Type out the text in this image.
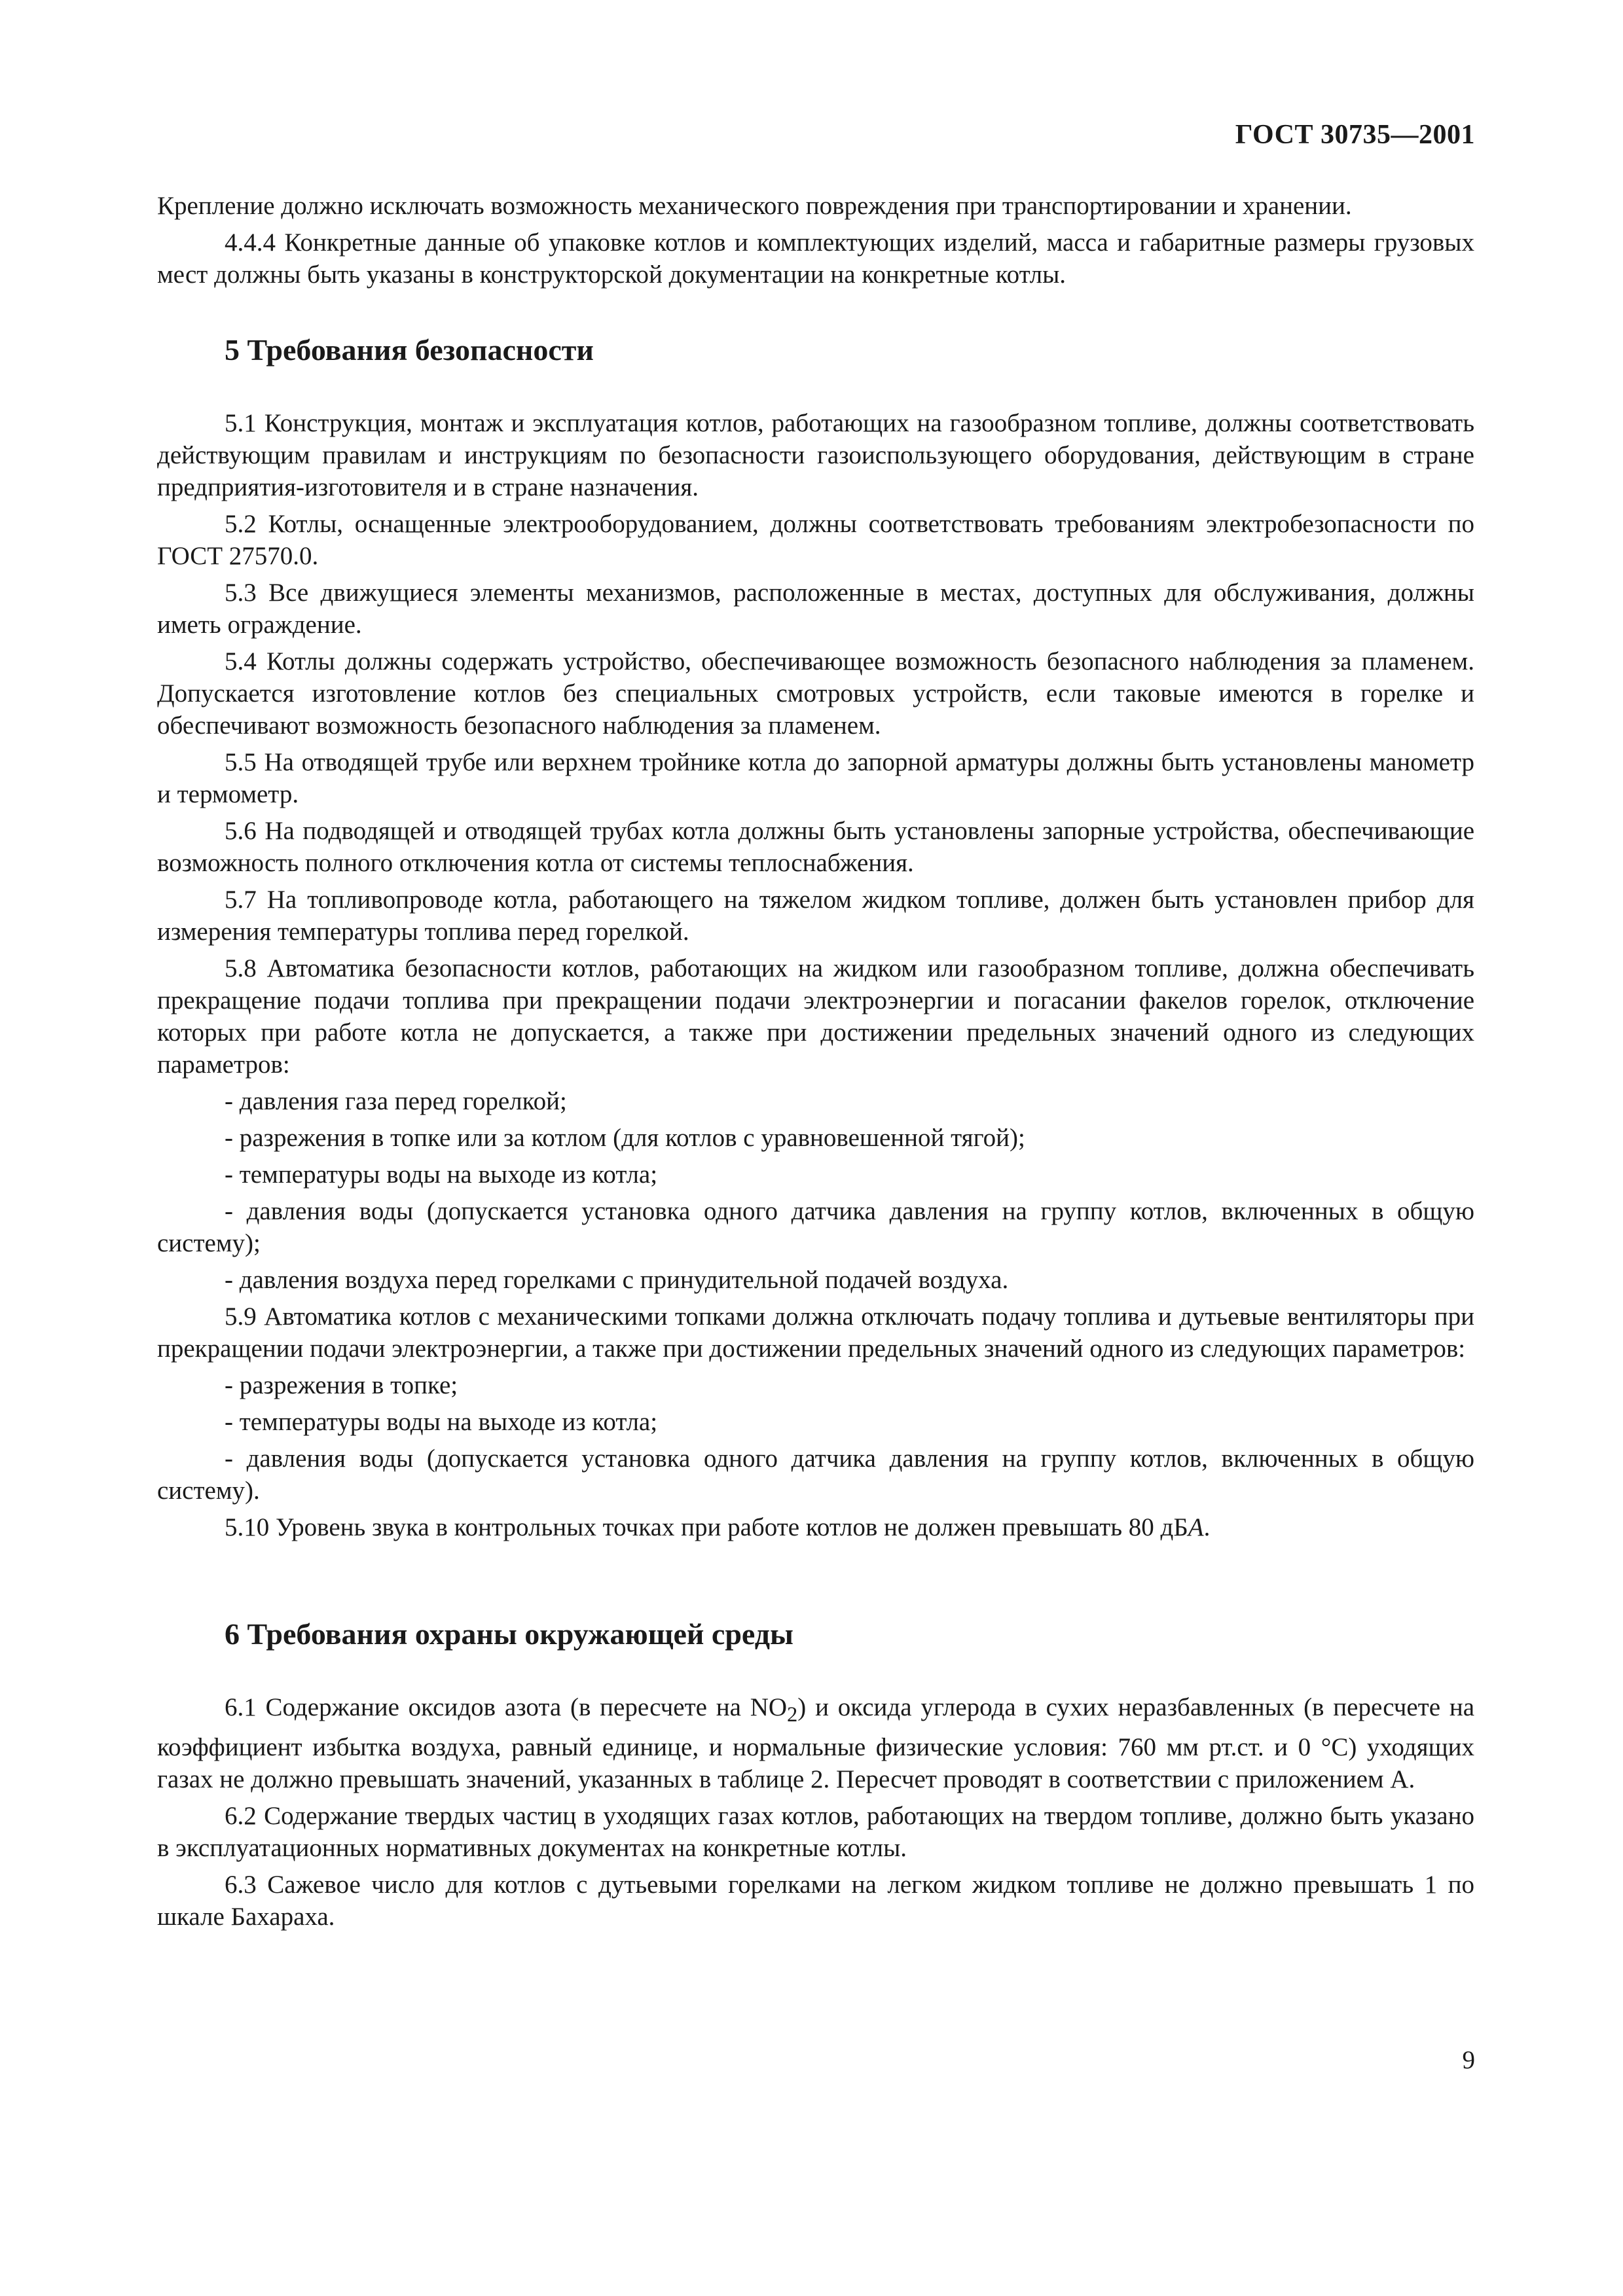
ГОСТ 30735—2001

Крепление должно исключать возможность механического повреждения при транспортировании и хранении.

4.4.4 Конкретные данные об упаковке котлов и комплектующих изделий, масса и габаритные размеры грузовых мест должны быть указаны в конструкторской документации на конкретные котлы.

5 Требования безопасности

5.1 Конструкция, монтаж и эксплуатация котлов, работающих на газообразном топливе, должны соответствовать действующим правилам и инструкциям по безопасности газоиспользующего оборудования, действующим в стране предприятия-изготовителя и в стране назначения.

5.2 Котлы, оснащенные электрооборудованием, должны соответствовать требованиям электробезопасности по ГОСТ 27570.0.

5.3 Все движущиеся элементы механизмов, расположенные в местах, доступных для обслуживания, должны иметь ограждение.

5.4 Котлы должны содержать устройство, обеспечивающее возможность безопасного наблюдения за пламенем. Допускается изготовление котлов без специальных смотровых устройств, если таковые имеются в горелке и обеспечивают возможность безопасного наблюдения за пламенем.

5.5 На отводящей трубе или верхнем тройнике котла до запорной арматуры должны быть установлены манометр и термометр.

5.6 На подводящей и отводящей трубах котла должны быть установлены запорные устройства, обеспечивающие возможность полного отключения котла от системы теплоснабжения.

5.7 На топливопроводе котла, работающего на тяжелом жидком топливе, должен быть установлен прибор для измерения температуры топлива перед горелкой.

5.8 Автоматика безопасности котлов, работающих на жидком или газообразном топливе, должна обеспечивать прекращение подачи топлива при прекращении подачи электроэнергии и погасании факелов горелок, отключение которых при работе котла не допускается, а также при достижении предельных значений одного из следующих параметров:

- давления газа перед горелкой;

- разрежения в топке или за котлом (для котлов с уравновешенной тягой);

- температуры воды на выходе из котла;

- давления воды (допускается установка одного датчика давления на группу котлов, включенных в общую систему);

- давления воздуха перед горелками с принудительной подачей воздуха.

5.9 Автоматика котлов с механическими топками должна отключать подачу топлива и дутьевые вентиляторы при прекращении подачи электроэнергии, а также при достижении предельных значений одного из следующих параметров:

- разрежения в топке;

- температуры воды на выходе из котла;

- давления воды (допускается установка одного датчика давления на группу котлов, включенных в общую систему).

5.10 Уровень звука в контрольных точках при работе котлов не должен превышать 80 дБА.

6 Требования охраны окружающей среды

6.1 Содержание оксидов азота (в пересчете на $NO_2$) и оксида углерода в сухих неразбавленных (в пересчете на коэффициент избытка воздуха, равный единице, и нормальные физические условия: 760 мм рт.ст. и 0 °С) уходящих газах не должно превышать значений, указанных в таблице 2. Пересчет проводят в соответствии с приложением А.

6.2 Содержание твердых частиц в уходящих газах котлов, работающих на твердом топливе, должно быть указано в эксплуатационных нормативных документах на конкретные котлы.

6.3 Сажевое число для котлов с дутьевыми горелками на легком жидком топливе не должно превышать 1 по шкале Бахараха.

9
